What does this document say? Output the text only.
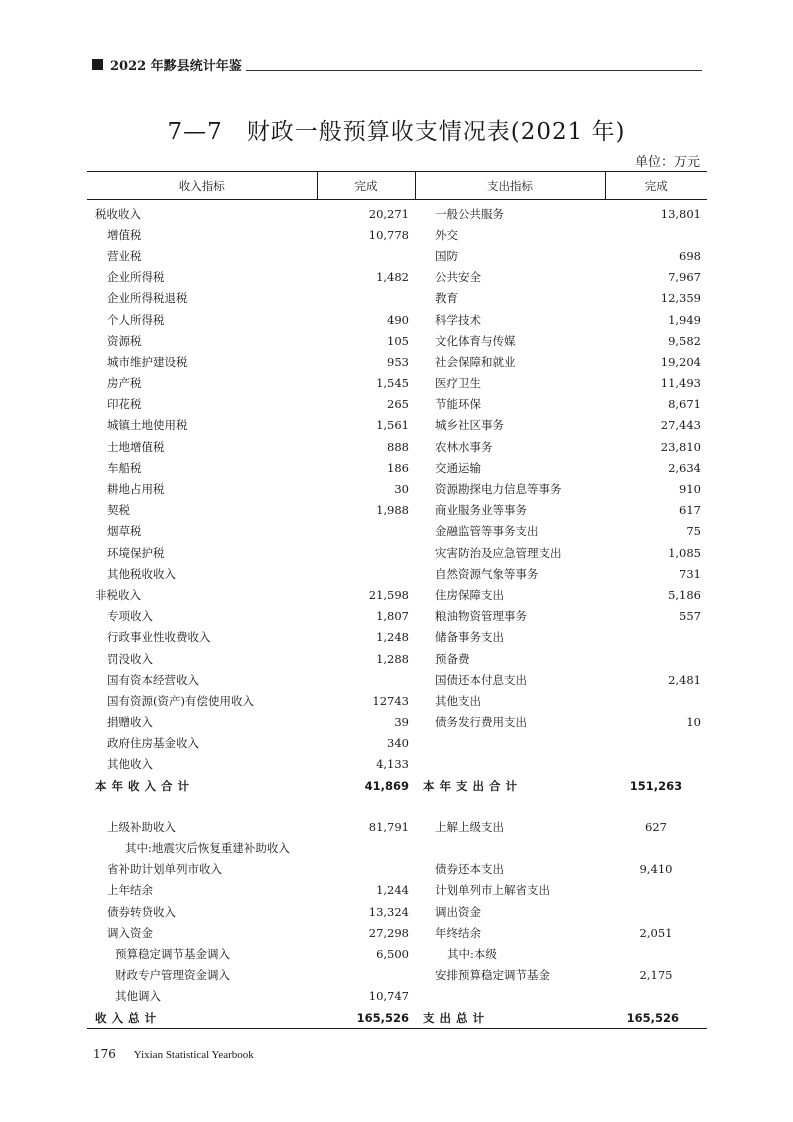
2022 年黟县统计年鉴
7—7　财政一般预算收支情况表(2021 年)
单位：万元
收入指标	完成	支出指标	完成
税收收入	20,271	一般公共服务	13,801
增值税	10,778	外交	
营业税		国防	698
企业所得税	1,482	公共安全	7,967
企业所得税退税		教育	12,359
个人所得税	490	科学技术	1,949
资源税	105	文化体育与传媒	9,582
城市维护建设税	953	社会保障和就业	19,204
房产税	1,545	医疗卫生	11,493
印花税	265	节能环保	8,671
城镇土地使用税	1,561	城乡社区事务	27,443
土地增值税	888	农林水事务	23,810
车船税	186	交通运输	2,634
耕地占用税	30	资源勘探电力信息等事务	910
契税	1,988	商业服务业等事务	617
烟草税		金融监管等事务支出	75
环境保护税		灾害防治及应急管理支出	1,085
其他税收收入		自然资源气象等事务	731
非税收入	21,598	住房保障支出	5,186
专项收入	1,807	粮油物资管理事务	557
行政事业性收费收入	1,248	储备事务支出	
罚没收入	1,288	预备费	
国有资本经营收入		国债还本付息支出	2,481
国有资源(资产)有偿使用收入	12743	其他支出	
捐赠收入	39	债务发行费用支出	10
政府住房基金收入	340		
其他收入	4,133		
本年收入合计	41,869	本年支出合计	151,263

上级补助收入	81,791	上解上级支出	627
其中:地震灾后恢复重建补助收入			
省补助计划单列市收入		债券还本支出	9,410
上年结余	1,244	计划单列市上解省支出	
债券转贷收入	13,324	调出资金	
调入资金	27,298	年终结余	2,051
预算稳定调节基金调入	6,500	其中:本级	
财政专户管理资金调入		安排预算稳定调节基金	2,175
其他调入	10,747		
收入总计	165,526	支出总计	165,526
176 Yixian Statistical Yearbook
